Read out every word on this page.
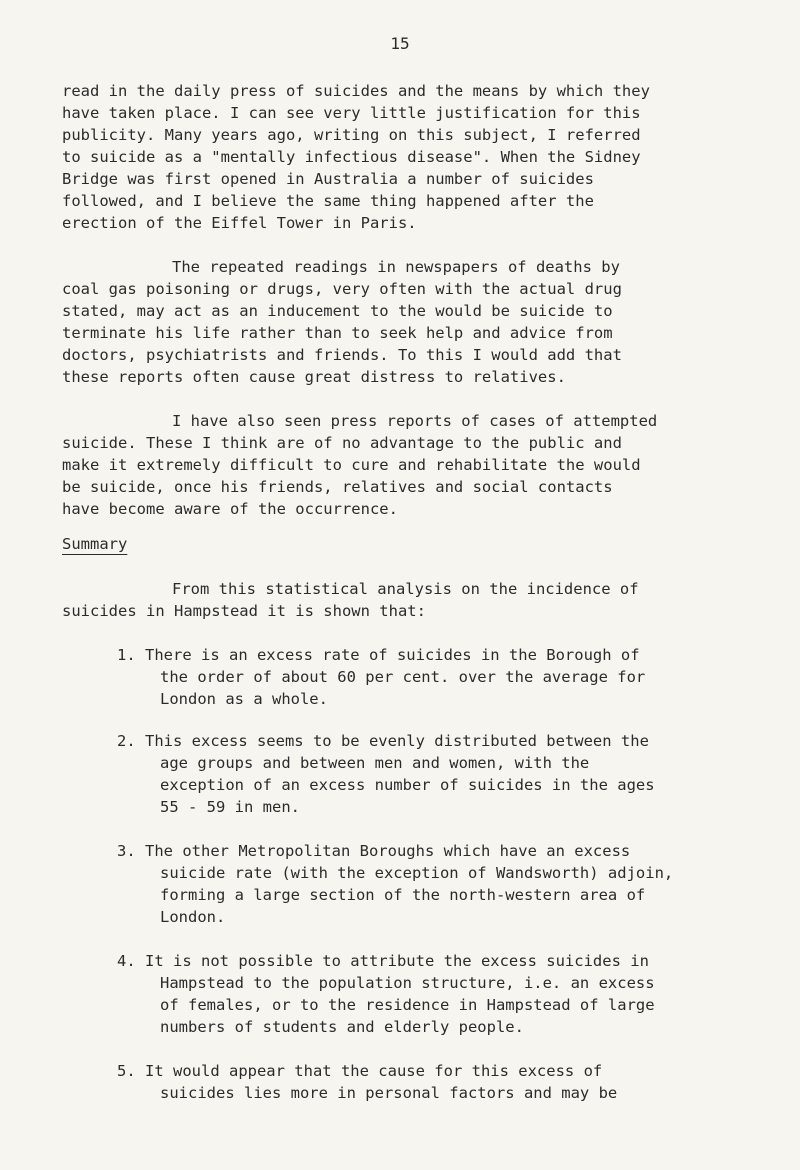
15

read in the daily press of suicides and the means by which they

have taken place. I can see very little justification for this

publicity. Many years ago, writing on this subject, I referred

to suicide as a "mentally infectious disease". When the Sidney

Bridge was first opened in Australia a number of suicides

followed, and I believe the same thing happened after the

erection of the Eiffel Tower in Paris.

The repeated readings in newspapers of deaths by

coal gas poisoning or drugs, very often with the actual drug

stated, may act as an inducement to the would be suicide to

terminate his life rather than to seek help and advice from

doctors, psychiatrists and friends. To this I would add that

these reports often cause great distress to relatives.

I have also seen press reports of cases of attempted

suicide. These I think are of no advantage to the public and

make it extremely difficult to cure and rehabilitate the would

be suicide, once his friends, relatives and social contacts

have become aware of the occurrence.

Summary

From this statistical analysis on the incidence of

suicides in Hampstead it is shown that:

1. There is an excess rate of suicides in the Borough of

the order of about 60 per cent. over the average for

London as a whole.

2. This excess seems to be evenly distributed between the

age groups and between men and women, with the

exception of an excess number of suicides in the ages

55 - 59 in men.

3. The other Metropolitan Boroughs which have an excess

suicide rate (with the exception of Wandsworth) adjoin,

forming a large section of the north-western area of

London.

4. It is not possible to attribute the excess suicides in

Hampstead to the population structure, i.e. an excess

of females, or to the residence in Hampstead of large

numbers of students and elderly people.

5. It would appear that the cause for this excess of

suicides lies more in personal factors and may be
